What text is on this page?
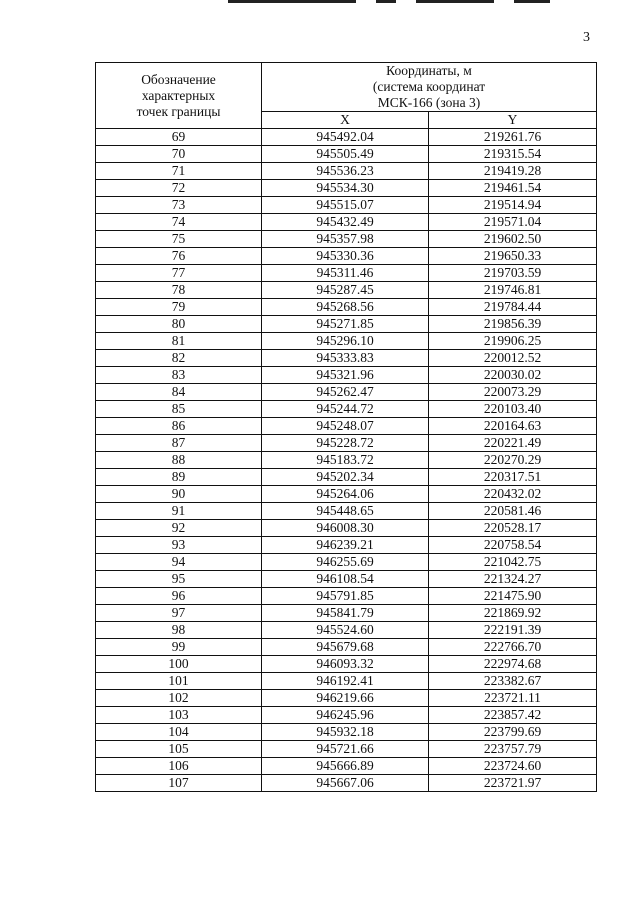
3
Обозначение
характерных
точек границы	Координаты, м
(система координат
МСК-166 (зона 3)	

	X	Y
69	945492.04	219261.76
70	945505.49	219315.54
71	945536.23	219419.28
72	945534.30	219461.54
73	945515.07	219514.94
74	945432.49	219571.04
75	945357.98	219602.50
76	945330.36	219650.33
77	945311.46	219703.59
78	945287.45	219746.81
79	945268.56	219784.44
80	945271.85	219856.39
81	945296.10	219906.25
82	945333.83	220012.52
83	945321.96	220030.02
84	945262.47	220073.29
85	945244.72	220103.40
86	945248.07	220164.63
87	945228.72	220221.49
88	945183.72	220270.29
89	945202.34	220317.51
90	945264.06	220432.02
91	945448.65	220581.46
92	946008.30	220528.17
93	946239.21	220758.54
94	946255.69	221042.75
95	946108.54	221324.27
96	945791.85	221475.90
97	945841.79	221869.92
98	945524.60	222191.39
99	945679.68	222766.70
100	946093.32	222974.68
101	946192.41	223382.67
102	946219.66	223721.11
103	946245.96	223857.42
104	945932.18	223799.69
105	945721.66	223757.79
106	945666.89	223724.60
107	945667.06	223721.97
